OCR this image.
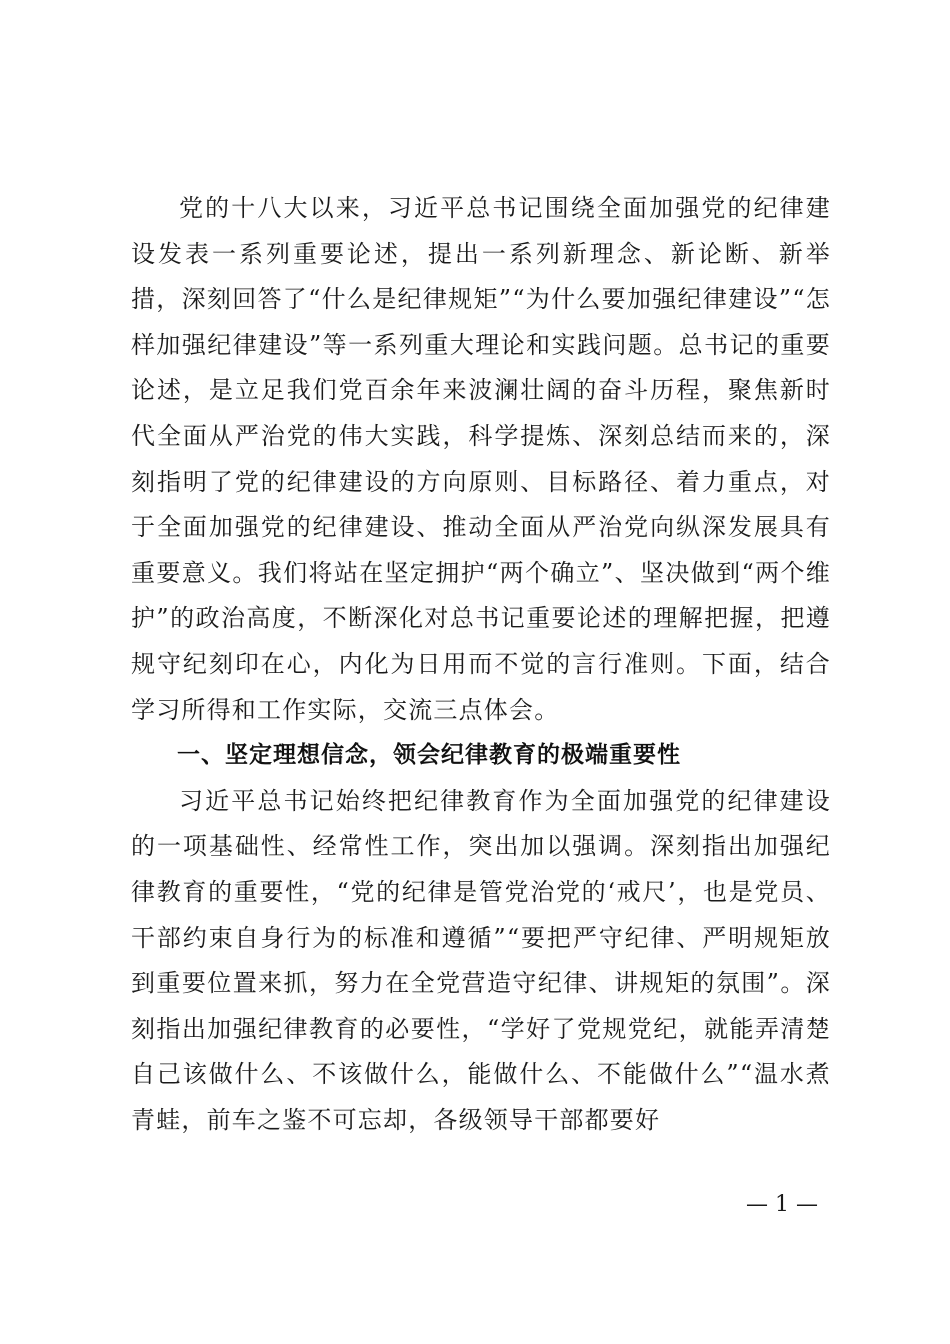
党的十八大以来，习近平总书记围绕全面加强党的纪律建设发表一系列重要论述，提出一系列新理念、新论断、新举措，深刻回答了“什么是纪律规矩”“为什么要加强纪律建设”“怎样加强纪律建设”等一系列重大理论和实践问题。总书记的重要论述，是立足我们党百余年来波澜壮阔的奋斗历程，聚焦新时代全面从严治党的伟大实践，科学提炼、深刻总结而来的，深刻指明了党的纪律建设的方向原则、目标路径、着力重点，对于全面加强党的纪律建设、推动全面从严治党向纵深发展具有重要意义。我们将站在坚定拥护“两个确立”、坚决做到“两个维护”的政治高度，不断深化对总书记重要论述的理解把握，把遵规守纪刻印在心，内化为日用而不觉的言行准则。下面，结合学习所得和工作实际，交流三点体会。

一、坚定理想信念，领会纪律教育的极端重要性

习近平总书记始终把纪律教育作为全面加强党的纪律建设的一项基础性、经常性工作，突出加以强调。深刻指出加强纪律教育的重要性，“党的纪律是管党治党的‘戒尺’，也是党员、干部约束自身行为的标准和遵循”“要把严守纪律、严明规矩放到重要位置来抓，努力在全党营造守纪律、讲规矩的氛围”。深刻指出加强纪律教育的必要性，“学好了党规党纪，就能弄清楚自己该做什么、不该做什么，能做什么、不能做什么”“温水煮青蛙，前车之鉴不可忘却，各级领导干部都要好

— 1 —
